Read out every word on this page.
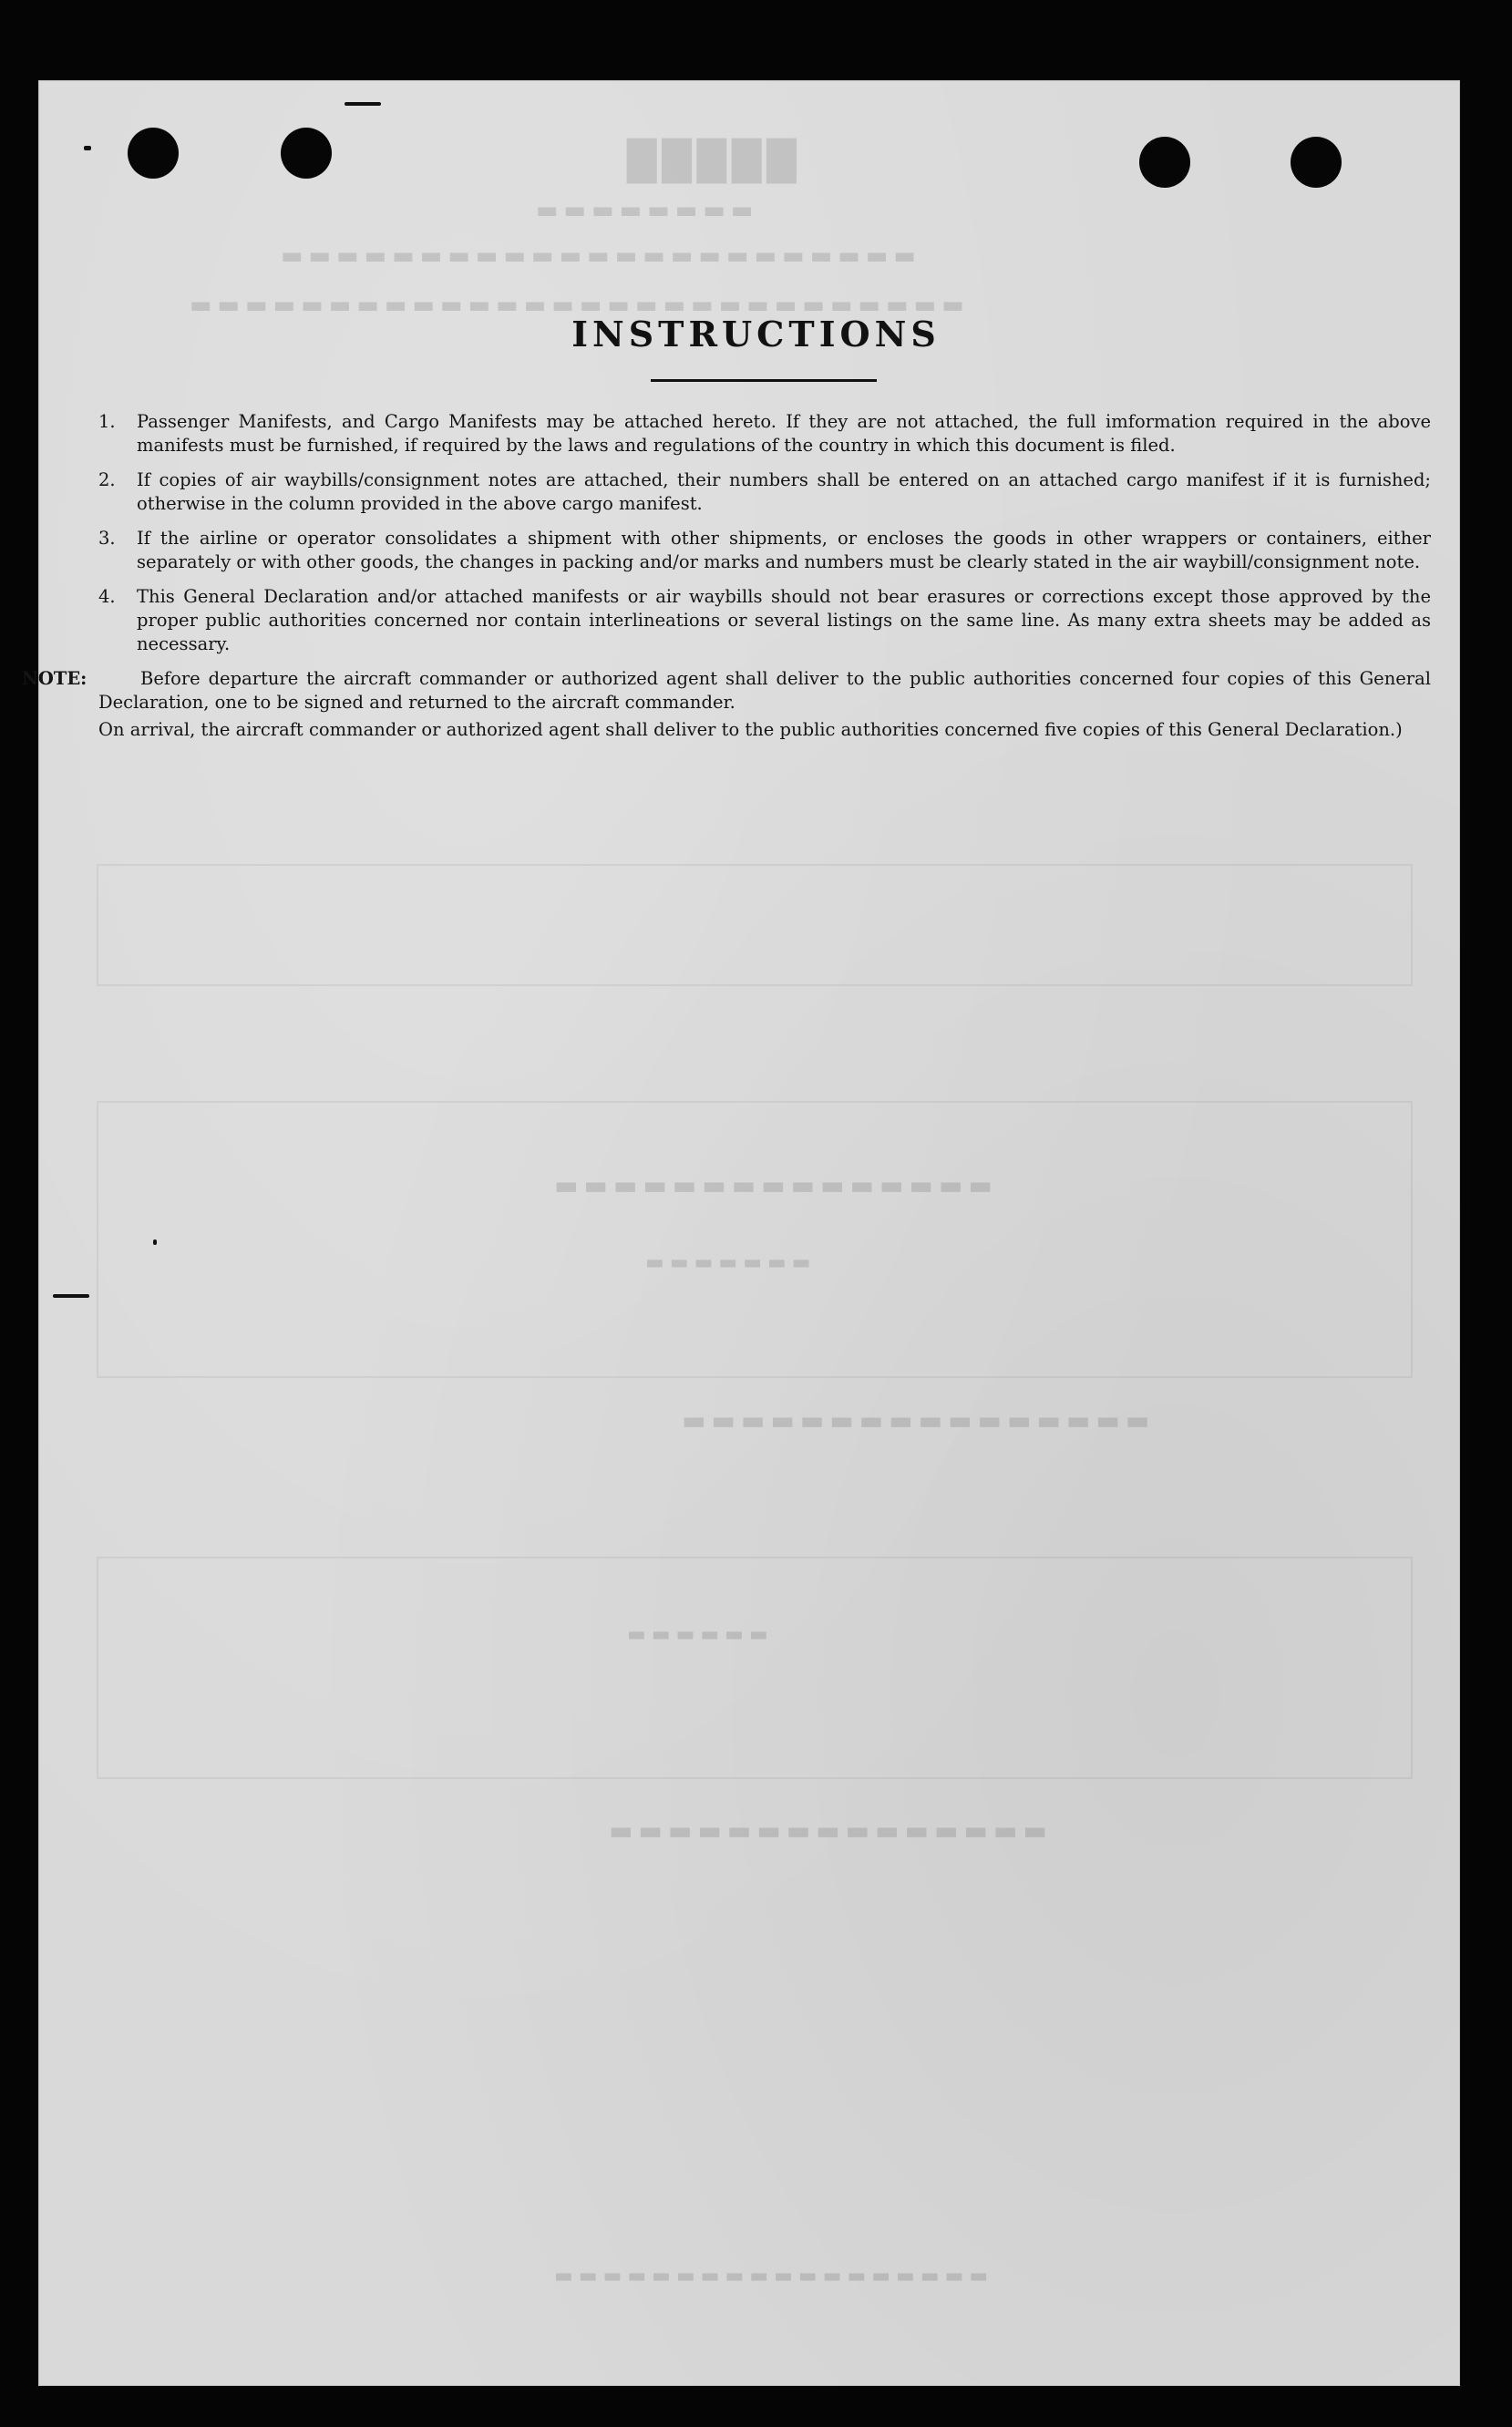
█████
▬▬▬▬▬▬▬▬
▬▬▬▬▬▬▬▬▬▬▬▬▬▬▬▬▬▬▬▬▬▬▬
▬▬▬▬▬▬▬▬▬▬▬▬▬▬▬▬▬▬▬▬▬▬▬▬▬▬▬▬
▬▬▬▬▬▬▬▬▬▬▬▬▬▬▬
▬▬▬▬▬▬▬
▬▬▬▬▬▬▬▬▬▬▬▬▬▬▬▬
▬▬▬▬▬▬
▬▬▬▬▬▬▬▬▬▬▬▬▬▬▬
▬▬▬▬▬▬▬▬▬▬▬▬▬▬▬▬▬▬
INSTRUCTIONS
1.	Passenger Manifests, and Cargo Manifests may be attached hereto. If they are not attached, the full imformation required in the above manifests must be furnished, if required by the laws and regulations of the country in which this document is filed.
2.	If copies of air waybills/consignment notes are attached, their numbers shall be entered on an attached cargo manifest if it is furnished; otherwise in the column provided in the above cargo manifest.
3.	If the airline or operator consolidates a shipment with other shipments, or encloses the goods in other wrappers or containers, either separately or with other goods, the changes in packing and/or marks and numbers must be clearly stated in the air waybill/consignment note.
4.	This General Declaration and/or attached manifests or air waybills should not bear erasures or corrections except those approved by the proper public authorities concerned nor contain interlineations or several listings on the same line. As many extra sheets may be added as necessary.
NOTE:	Before departure the aircraft commander or authorized agent shall deliver to the public authorities concerned four copies of this General Declaration, one to be signed and returned to the aircraft commander.

On arrival, the aircraft commander or authorized agent shall deliver to the public authorities concerned five copies of this General Declaration.)
